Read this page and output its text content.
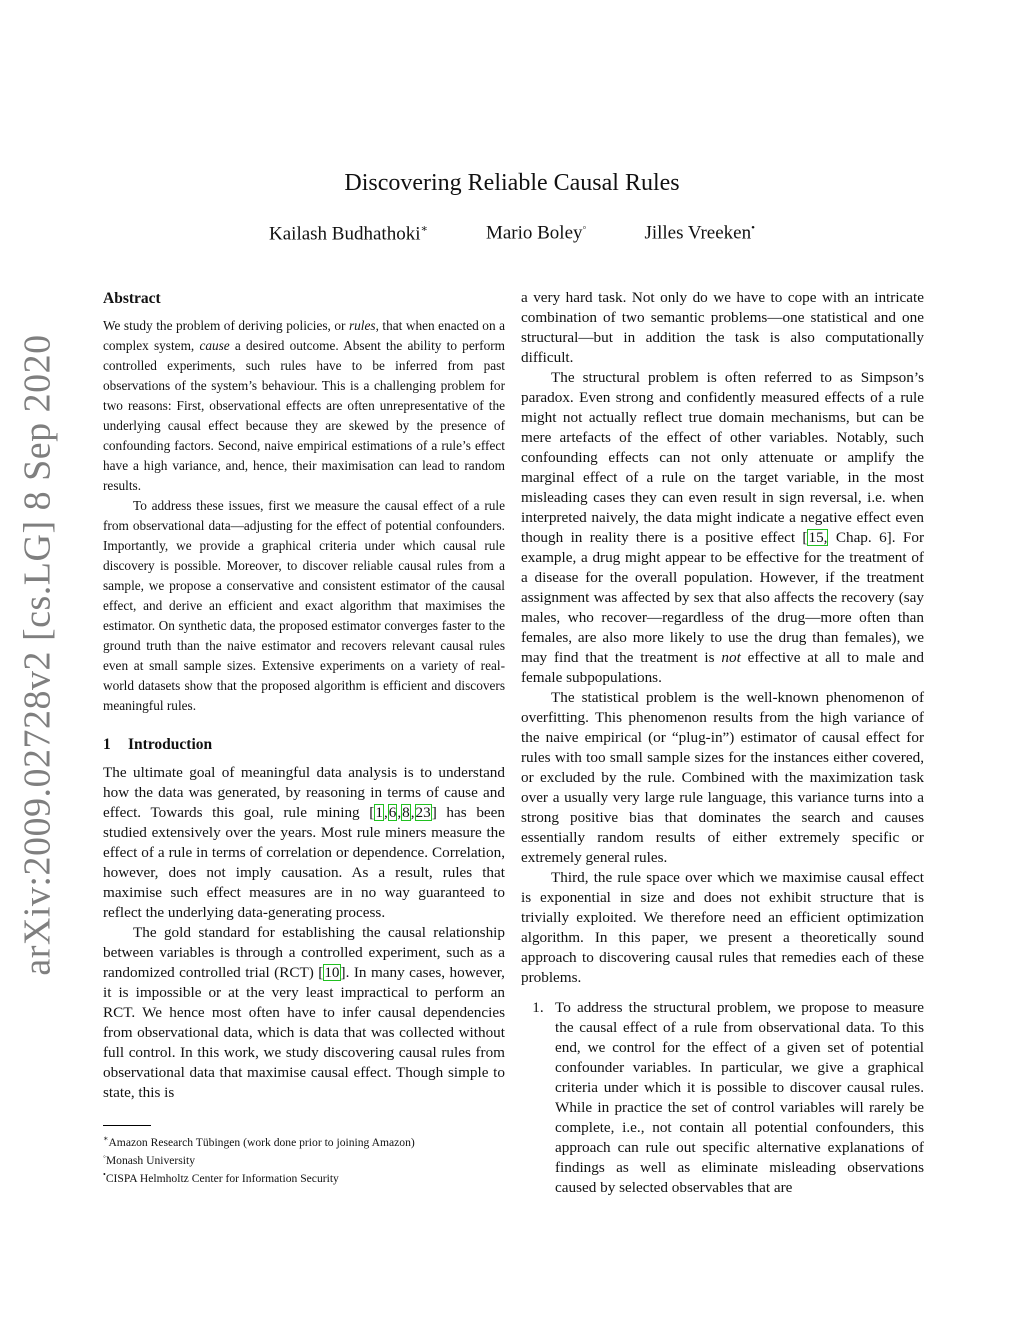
arXiv:2009.02728v2 [cs.LG] 8 Sep 2020
Discovering Reliable Causal Rules
Kailash Budhathoki∗	Mario Boley◦	Jilles Vreeken•
Abstract

We study the problem of deriving policies, or rules, that when enacted on a complex system, cause a desired outcome. Absent the ability to perform controlled experiments, such rules have to be inferred from past observations of the system’s behaviour. This is a challenging problem for two reasons: First, observational effects are often unrepresentative of the underlying causal effect because they are skewed by the presence of confounding factors. Second, naive empirical estimations of a rule’s effect have a high variance, and, hence, their maximisation can lead to random results.

To address these issues, first we measure the causal effect of a rule from observational data—adjusting for the effect of potential confounders. Importantly, we provide a graphical criteria under which causal rule discovery is possible. Moreover, to discover reliable causal rules from a sample, we propose a conservative and consistent estimator of the causal effect, and derive an efficient and exact algorithm that maximises the estimator. On synthetic data, the proposed estimator converges faster to the ground truth than the naive estimator and recovers relevant causal rules even at small sample sizes. Extensive experiments on a variety of real-world datasets show that the proposed algorithm is efficient and discovers meaningful rules.

1 Introduction

The ultimate goal of meaningful data analysis is to understand how the data was generated, by reasoning in terms of cause and effect. Towards this goal, rule mining [1,6,8,23] has been studied extensively over the years. Most rule miners measure the effect of a rule in terms of correlation or dependence. Correlation, however, does not imply causation. As a result, rules that maximise such effect measures are in no way guaranteed to reflect the underlying data-generating process.

The gold standard for establishing the causal relationship between variables is through a controlled experiment, such as a randomized controlled trial (RCT) [10]. In many cases, however, it is impossible or at the very least impractical to perform an RCT. We hence most often have to infer causal dependencies from observational data, which is data that was collected without full control. In this work, we study discovering causal rules from observational data that maximise causal effect. Though simple to state, this is

∗Amazon Research Tübingen (work done prior to joining Amazon)
◦Monash University
•CISPA Helmholtz Center for Information Security

a very hard task. Not only do we have to cope with an intricate combination of two semantic problems—one statistical and one structural—but in addition the task is also computationally difficult.

The structural problem is often referred to as Simpson’s paradox. Even strong and confidently measured effects of a rule might not actually reflect true domain mechanisms, but can be mere artefacts of the effect of other variables. Notably, such confounding effects can not only attenuate or amplify the marginal effect of a rule on the target variable, in the most misleading cases they can even result in sign reversal, i.e. when interpreted naively, the data might indicate a negative effect even though in reality there is a positive effect [15, Chap. 6]. For example, a drug might appear to be effective for the treatment of a disease for the overall population. However, if the treatment assignment was affected by sex that also affects the recovery (say males, who recover—regardless of the drug—more often than females, are also more likely to use the drug than females), we may find that the treatment is not effective at all to male and female subpopulations.

The statistical problem is the well-known phenomenon of overfitting. This phenomenon results from the high variance of the naive empirical (or “plug-in”) estimator of causal effect for rules with too small sample sizes for the instances either covered, or excluded by the rule. Combined with the maximization task over a usually very large rule language, this variance turns into a strong positive bias that dominates the search and causes essentially random results of either extremely specific or extremely general rules.

Third, the rule space over which we maximise causal effect is exponential in size and does not exhibit structure that is trivially exploited. We therefore need an efficient optimization algorithm. In this paper, we present a theoretically sound approach to discovering causal rules that remedies each of these problems.

1. To address the structural problem, we propose to measure the causal effect of a rule from observational data. To this end, we control for the effect of a given set of potential confounder variables. In particular, we give a graphical criteria under which it is possible to discover causal rules. While in practice the set of control variables will rarely be complete, i.e., not contain all potential confounders, this approach can rule out specific alternative explanations of findings as well as eliminate misleading observations caused by selected observables that are
